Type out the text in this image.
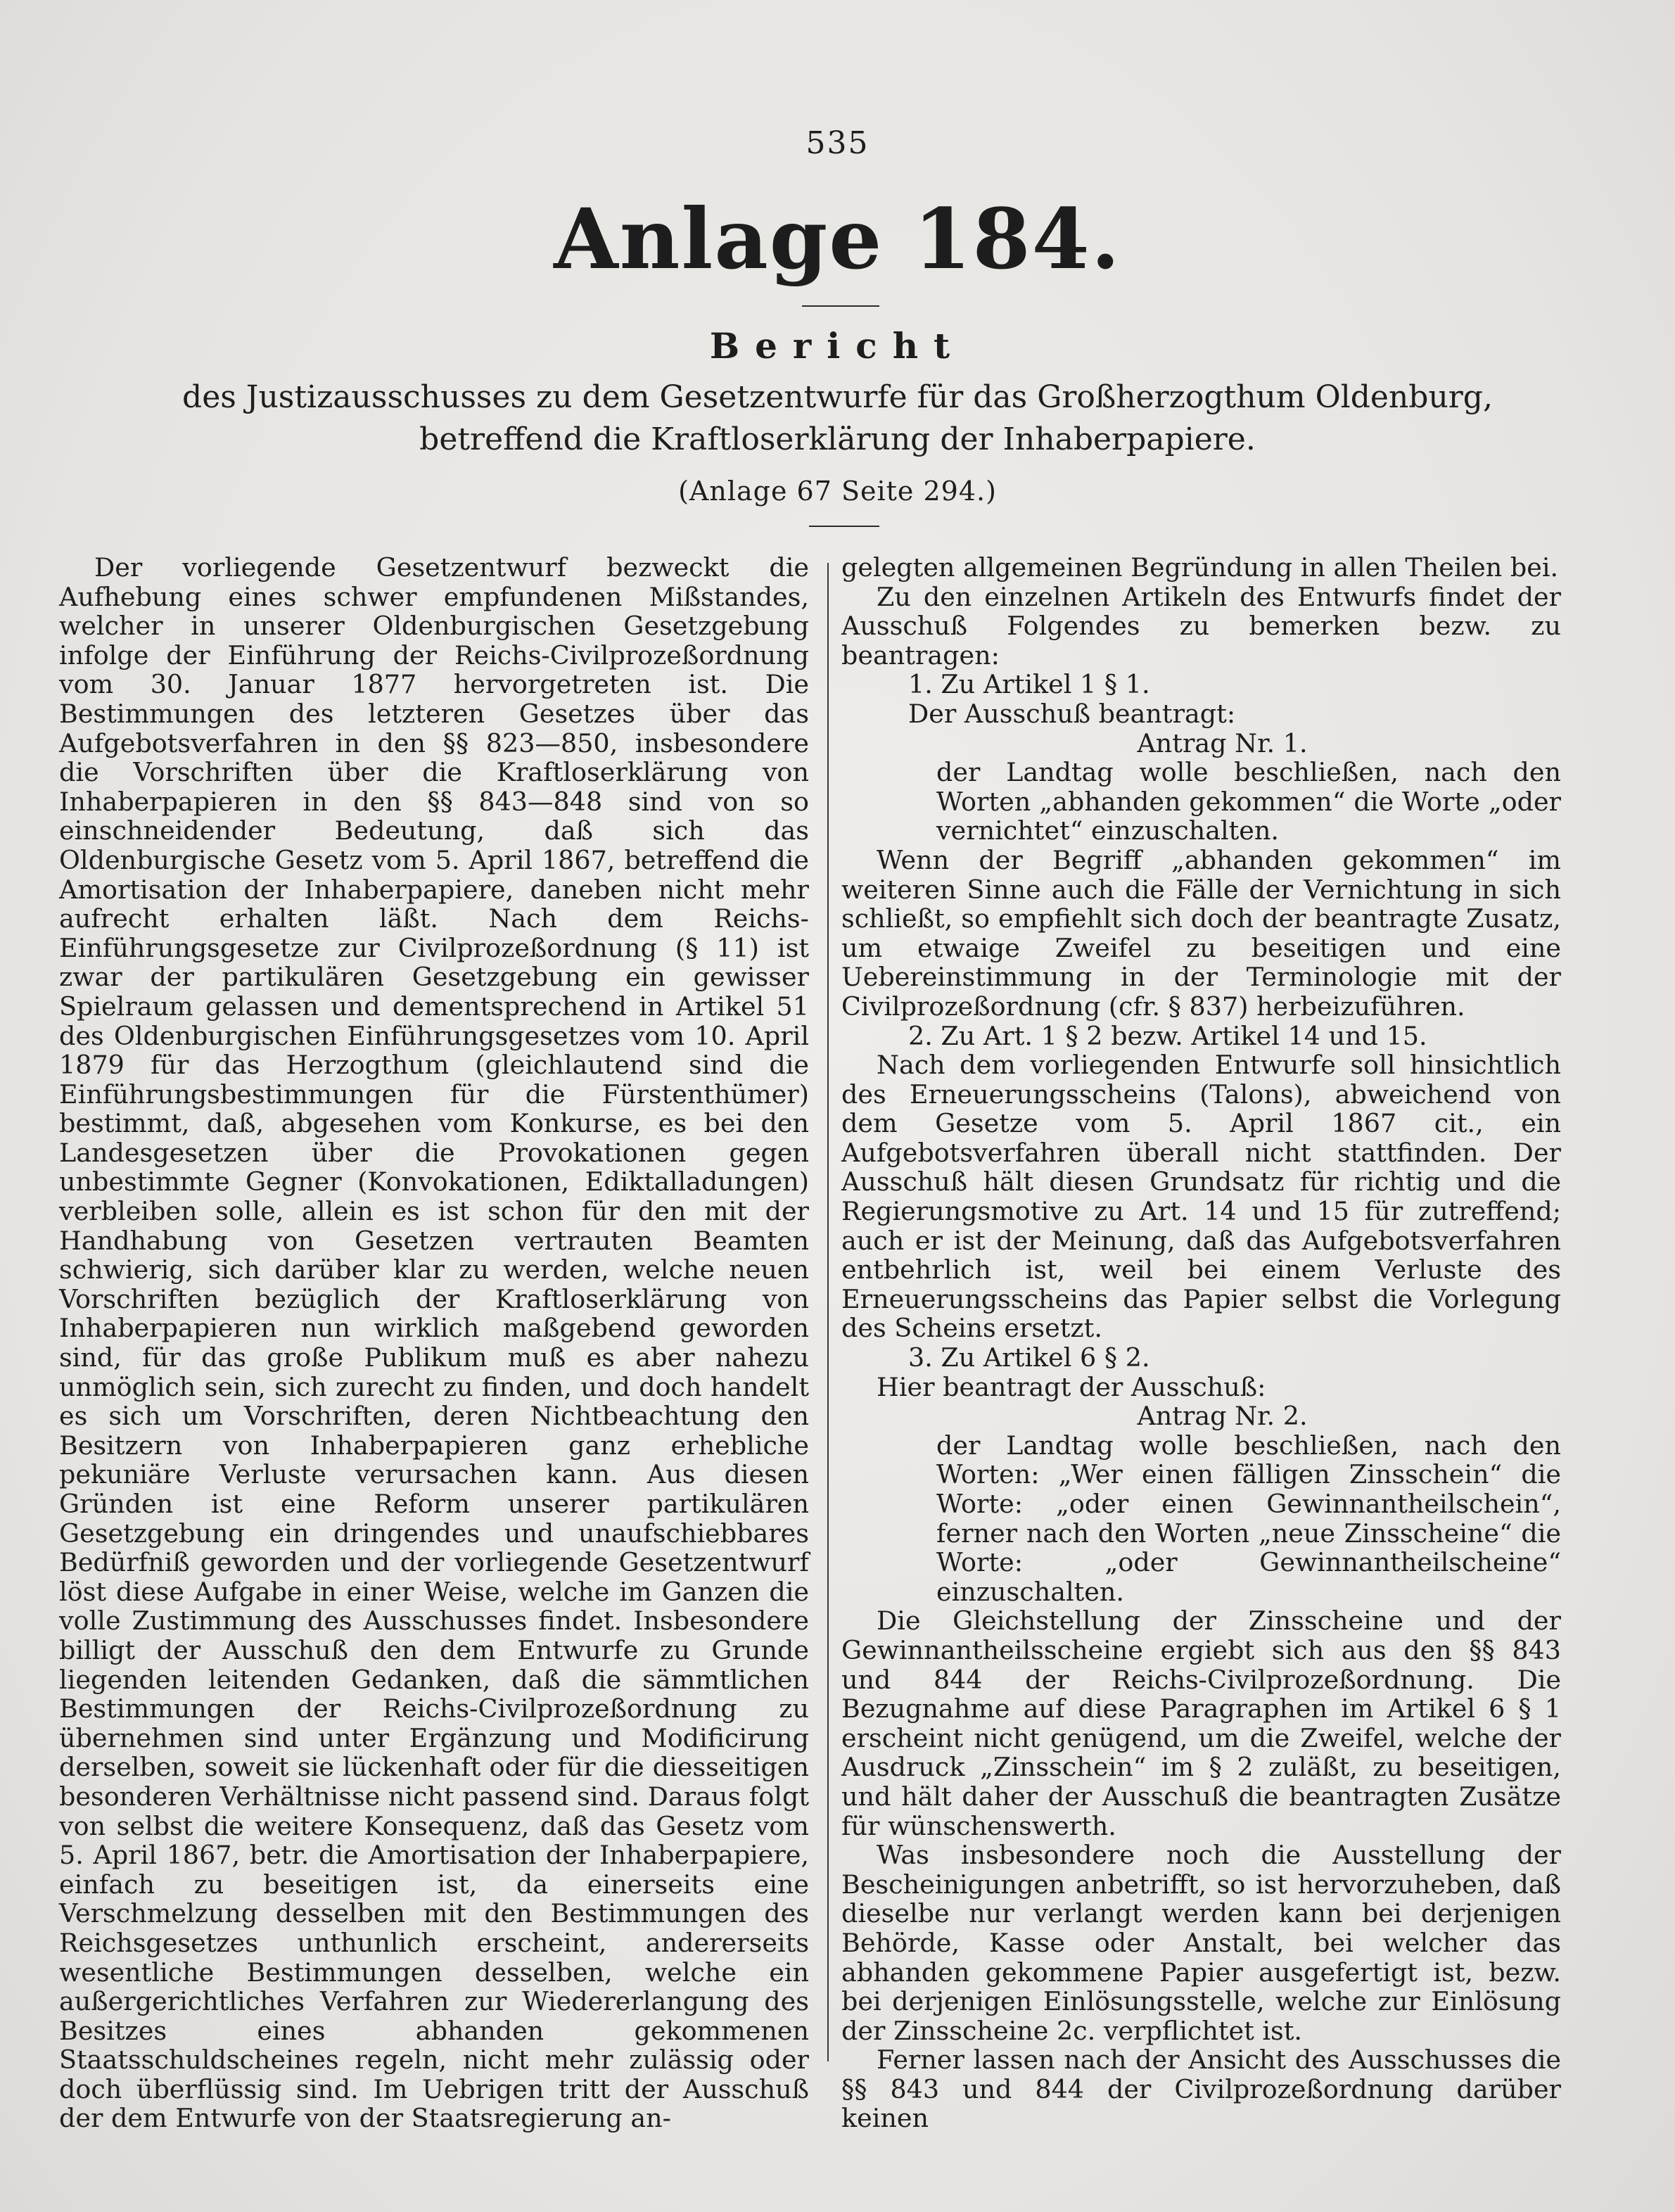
535
Anlage 184.
Bericht
des Justizausschusses zu dem Gesetzentwurfe für das Großherzogthum Oldenburg, betreffend die Kraftloserklärung der Inhaberpapiere.
(Anlage 67 Seite 294.)

Der vorliegende Gesetzentwurf bezweckt die Aufhebung eines schwer empfundenen Mißstandes, welcher in unserer Oldenburgischen Gesetzgebung infolge der Einführung der Reichs-Civilprozeßordnung vom 30. Januar 1877 hervorgetreten ist. Die Bestimmungen des letzteren Gesetzes über das Aufgebotsverfahren in den §§ 823—850, insbesondere die Vorschriften über die Kraftloserklärung von Inhaberpapieren in den §§ 843—848 sind von so einschneidender Bedeutung, daß sich das Oldenburgische Gesetz vom 5. April 1867, betreffend die Amortisation der Inhaberpapiere, daneben nicht mehr aufrecht erhalten läßt. Nach dem Reichs-Einführungsgesetze zur Civilprozeßordnung (§ 11) ist zwar der partikulären Gesetzgebung ein gewisser Spielraum gelassen und dementsprechend in Artikel 51 des Oldenburgischen Einführungsgesetzes vom 10. April 1879 für das Herzogthum (gleichlautend sind die Einführungsbestimmungen für die Fürstenthümer) bestimmt, daß, abgesehen vom Konkurse, es bei den Landesgesetzen über die Provokationen gegen unbestimmte Gegner (Konvokationen, Ediktalladungen) verbleiben solle, allein es ist schon für den mit der Handhabung von Gesetzen vertrauten Beamten schwierig, sich darüber klar zu werden, welche neuen Vorschriften bezüglich der Kraftloserklärung von Inhaberpapieren nun wirklich maßgebend geworden sind, für das große Publikum muß es aber nahezu unmöglich sein, sich zurecht zu finden, und doch handelt es sich um Vorschriften, deren Nichtbeachtung den Besitzern von Inhaberpapieren ganz erhebliche pekuniäre Verluste verursachen kann. Aus diesen Gründen ist eine Reform unserer partikulären Gesetzgebung ein dringendes und unaufschiebbares Bedürfniß geworden und der vorliegende Gesetzentwurf löst diese Aufgabe in einer Weise, welche im Ganzen die volle Zustimmung des Ausschusses findet. Insbesondere billigt der Ausschuß den dem Entwurfe zu Grunde liegenden leitenden Gedanken, daß die sämmtlichen Bestimmungen der Reichs-Civilprozeßordnung zu übernehmen sind unter Ergänzung und Modificirung derselben, soweit sie lückenhaft oder für die diesseitigen besonderen Verhältnisse nicht passend sind. Daraus folgt von selbst die weitere Konsequenz, daß das Gesetz vom 5. April 1867, betr. die Amortisation der Inhaberpapiere, einfach zu beseitigen ist, da einerseits eine Verschmelzung desselben mit den Bestimmungen des Reichsgesetzes unthunlich erscheint, andererseits wesentliche Bestimmungen desselben, welche ein außergerichtliches Verfahren zur Wiedererlangung des Besitzes eines abhanden gekommenen Staatsschuldscheines regeln, nicht mehr zulässig oder doch überflüssig sind. Im Uebrigen tritt der Ausschuß der dem Entwurfe von der Staatsregierung an-

gelegten allgemeinen Begründung in allen Theilen bei.

Zu den einzelnen Artikeln des Entwurfs findet der Ausschuß Folgendes zu bemerken bezw. zu beantragen:

1. Zu Artikel 1 § 1.

Der Ausschuß beantragt:

Antrag Nr. 1.

der Landtag wolle beschließen, nach den Worten „abhanden gekommen“ die Worte „oder vernichtet“ einzuschalten.

Wenn der Begriff „abhanden gekommen“ im weiteren Sinne auch die Fälle der Vernichtung in sich schließt, so empfiehlt sich doch der beantragte Zusatz, um etwaige Zweifel zu beseitigen und eine Uebereinstimmung in der Terminologie mit der Civilprozeßordnung (cfr. § 837) herbeizuführen.

2. Zu Art. 1 § 2 bezw. Artikel 14 und 15.

Nach dem vorliegenden Entwurfe soll hinsichtlich des Erneuerungsscheins (Talons), abweichend von dem Gesetze vom 5. April 1867 cit., ein Aufgebotsverfahren überall nicht stattfinden. Der Ausschuß hält diesen Grundsatz für richtig und die Regierungsmotive zu Art. 14 und 15 für zutreffend; auch er ist der Meinung, daß das Aufgebotsverfahren entbehrlich ist, weil bei einem Verluste des Erneuerungsscheins das Papier selbst die Vorlegung des Scheins ersetzt.

3. Zu Artikel 6 § 2.

Hier beantragt der Ausschuß:

Antrag Nr. 2.

der Landtag wolle beschließen, nach den Worten: „Wer einen fälligen Zinsschein“ die Worte: „oder einen Gewinnantheilschein“, ferner nach den Worten „neue Zinsscheine“ die Worte: „oder Gewinnantheilscheine“ einzuschalten.

Die Gleichstellung der Zinsscheine und der Gewinnantheilsscheine ergiebt sich aus den §§ 843 und 844 der Reichs-Civilprozeßordnung. Die Bezugnahme auf diese Paragraphen im Artikel 6 § 1 erscheint nicht genügend, um die Zweifel, welche der Ausdruck „Zinsschein“ im § 2 zuläßt, zu beseitigen, und hält daher der Ausschuß die beantragten Zusätze für wünschenswerth.

Was insbesondere noch die Ausstellung der Bescheinigungen anbetrifft, so ist hervorzuheben, daß dieselbe nur verlangt werden kann bei derjenigen Behörde, Kasse oder Anstalt, bei welcher das abhanden gekommene Papier ausgefertigt ist, bezw. bei derjenigen Einlösungsstelle, welche zur Einlösung der Zinsscheine 2c. verpflichtet ist.

Ferner lassen nach der Ansicht des Ausschusses die §§ 843 und 844 der Civilprozeßordnung darüber keinen
